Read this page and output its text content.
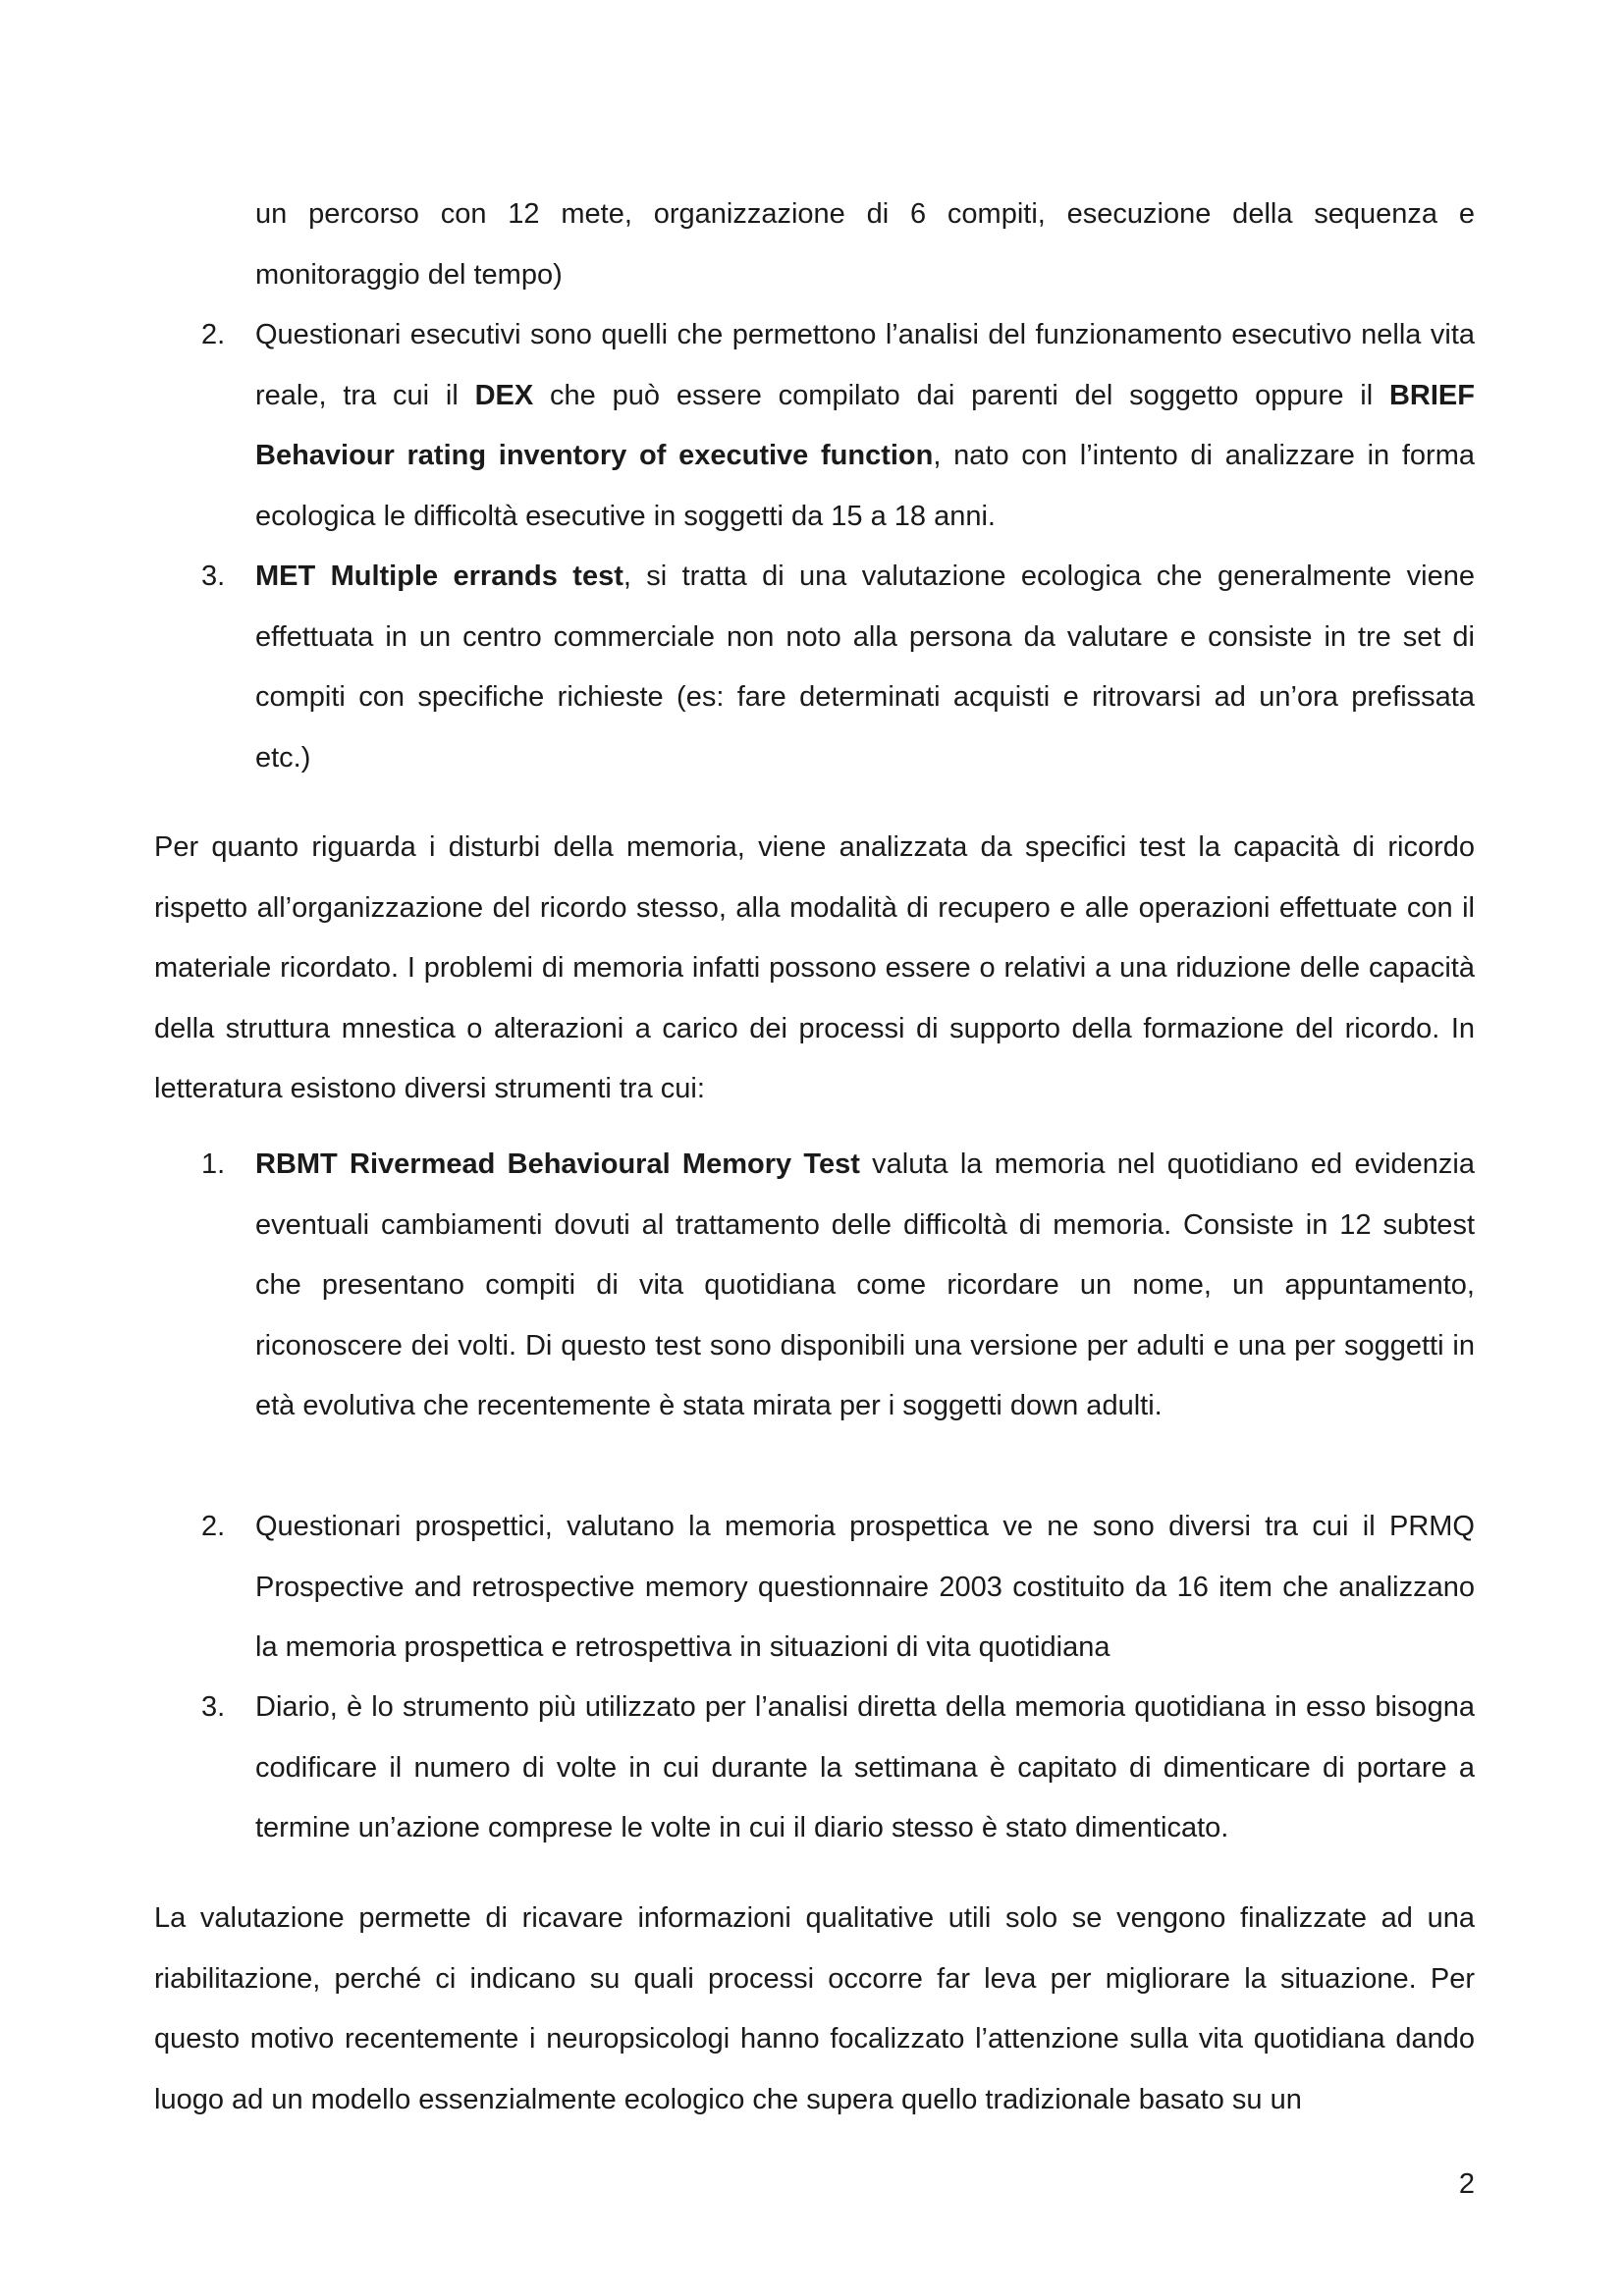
un percorso con 12 mete, organizzazione di 6 compiti, esecuzione della sequenza e monitoraggio del tempo)
2.	Questionari esecutivi sono quelli che permettono l’analisi del funzionamento esecutivo nella vita reale, tra cui il DEX che può essere compilato dai parenti del soggetto oppure il BRIEF Behaviour rating inventory of executive function, nato con l’intento di analizzare in forma ecologica le difficoltà esecutive in soggetti da 15 a 18 anni.
3.	MET Multiple errands test, si tratta di una valutazione ecologica che generalmente viene effettuata in un centro commerciale non noto alla persona da valutare e consiste in tre set di compiti con specifiche richieste (es: fare determinati acquisti e ritrovarsi ad un’ora prefissata etc.)
Per quanto riguarda i disturbi della memoria, viene analizzata da specifici test la capacità di ricordo rispetto all’organizzazione del ricordo stesso, alla modalità di recupero e alle operazioni effettuate con il materiale ricordato. I problemi di memoria infatti possono essere o relativi a una riduzione delle capacità della struttura mnestica o alterazioni a carico dei processi di supporto della formazione del ricordo. In letteratura esistono diversi strumenti tra cui:
1.	RBMT Rivermead Behavioural Memory Test valuta la memoria nel quotidiano ed evidenzia eventuali cambiamenti dovuti al trattamento delle difficoltà di memoria. Consiste in 12 subtest che presentano compiti di vita quotidiana come ricordare un nome, un appuntamento, riconoscere dei volti. Di questo test sono disponibili una versione per adulti e una per soggetti in età evolutiva che recentemente è stata mirata per i soggetti down adulti.
2.	Questionari prospettici, valutano la memoria prospettica ve ne sono diversi tra cui il PRMQ Prospective and retrospective memory questionnaire 2003 costituito da 16 item che analizzano la memoria prospettica e retrospettiva in situazioni di vita quotidiana
3.	Diario, è lo strumento più utilizzato per l’analisi diretta della memoria quotidiana in esso bisogna codificare il numero di volte in cui durante la settimana è capitato di dimenticare di portare a termine un’azione comprese le volte in cui il diario stesso è stato dimenticato.
La valutazione permette di ricavare informazioni qualitative utili solo se vengono finalizzate ad una riabilitazione, perché ci indicano su quali processi occorre far leva per migliorare la situazione. Per questo motivo recentemente i neuropsicologi hanno focalizzato l’attenzione sulla vita quotidiana dando luogo ad un modello essenzialmente ecologico che supera quello tradizionale basato su un
2
